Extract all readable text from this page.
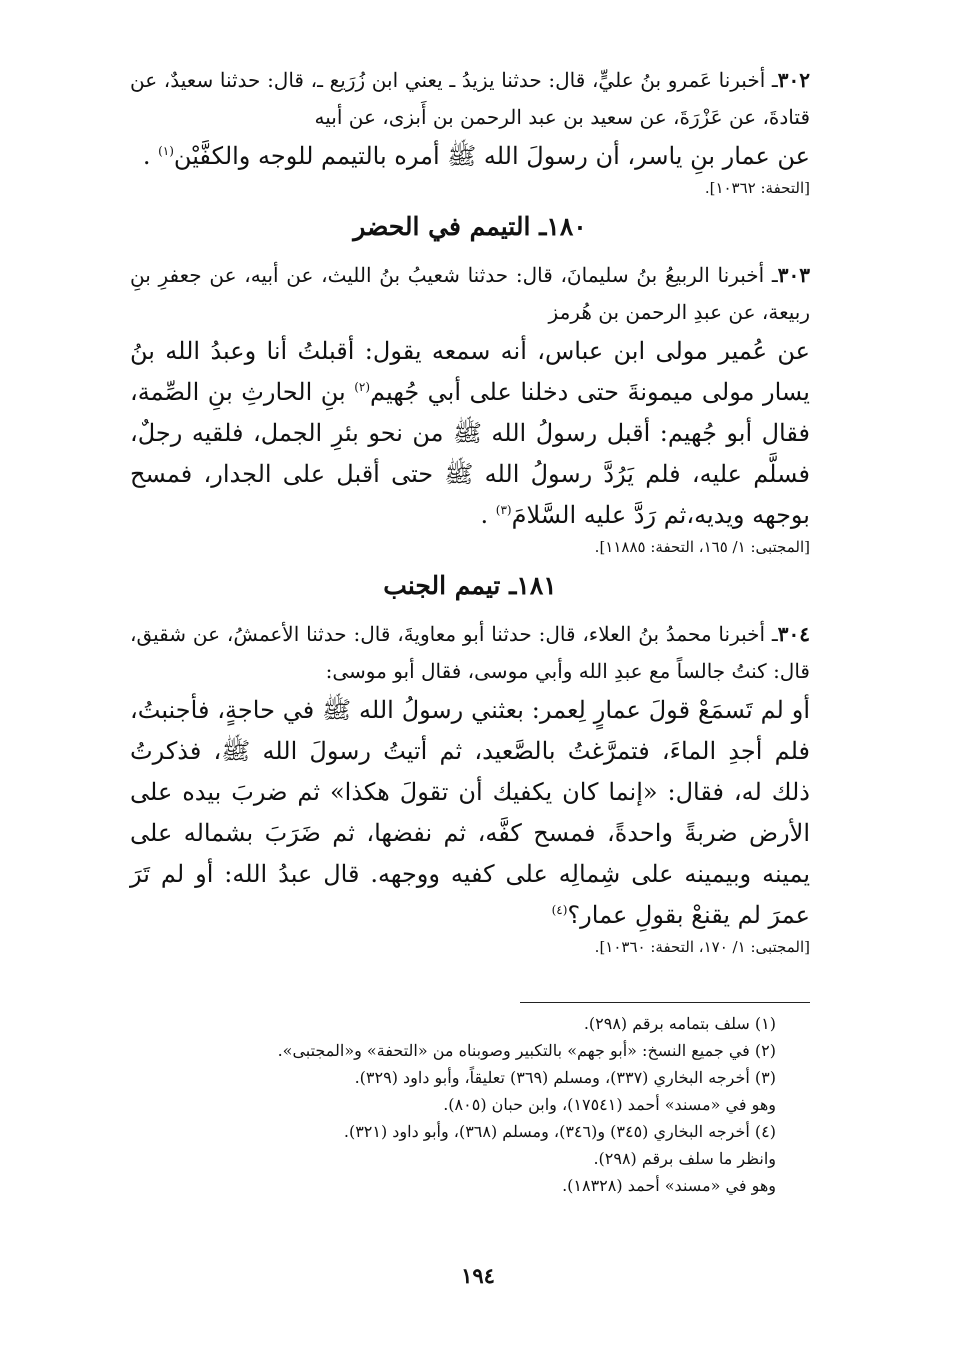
٣٠٢ـ أخبرنا عَمرو بنُ عليٍّ، قال: حدثنا يزيدُ ـ يعني ابن زُرَيع ـ، قال: حدثنا سعيدٌ، عن قتادةَ، عن عَزْرَةَ، عن سعيد بن عبد الرحمن بن أَبزى، عن أبيه

عن عمار بنِ ياسر، أن رسولَ الله ﷺ أمره بالتيمم للوجه والكفَّيْن$^{(١)}$ .

[التحفة: ١٠٣٦٢].

١٨٠ـ التيمم في الحضر

٣٠٣ـ أخبرنا الربيعُ بنُ سليمانَ، قال: حدثنا شعيبُ بنُ الليث، عن أبيه، عن جعفرِ بنِ ربيعة، عن عبدِ الرحمن بن هُرمز

عن عُمير مولى ابن عباس، أنه سمعه يقول: أقبلتُ أنا وعبدُ الله بنُ يسار مولى ميمونةَ حتى دخلنا على أبي جُهيم$^{(٢)}$ بنِ الحارثِ بنِ الصِّمة، فقال أبو جُهيم: أقبل رسولُ الله ﷺ من نحو بئرِ الجمل، فلقيه رجلٌ، فسلَّم عليه، فلم يَرُدَّ رسولُ الله ﷺ حتى أقبل على الجدار، فمسح بوجهه ويديه،ثم رَدَّ عليه السَّلامَ$^{(٣)}$ .

[المجتبى: ١/ ١٦٥، التحفة: ١١٨٨٥].

١٨١ـ تيمم الجنب

٣٠٤ـ أخبرنا محمدُ بنُ العلاء، قال: حدثنا أبو معاويةَ، قال: حدثنا الأعمشُ، عن شقيق، قال: كنتُ جالساً مع عبدِ الله وأبي موسى، فقال أبو موسى:

أو لم تَسمَعْ قولَ عمارٍ لِعمر: بعثني رسولُ الله ﷺ في حاجةٍ، فأجنبتُ، فلم أجدِ الماءَ، فتمرَّغتُ بالصَّعيد، ثم أتيتُ رسولَ الله ﷺ، فذكرتُ ذلك له، فقال: «إنما كان يكفيك أن تقولَ هكذا» ثم ضربَ بيده على الأرض ضربةً واحدةً، فمسح كفَّه، ثم نفضها، ثم ضَرَبَ بشماله على يمينه وبيمينه على شِمالِه على كفيه ووجهه. قال عبدُ الله: أو لم تَرَ عمرَ لم يقنعْ بقولِ عمار؟$^{(٤)}$

[المجتبى: ١/ ١٧٠، التحفة: ١٠٣٦٠].

(١) سلف بتمامه برقم (٢٩٨).
(٢) في جميع النسخ: «أبو جهم» بالتكبير وصوبناه من «التحفة» و«المجتبى».
(٣) أخرجه البخاري (٣٣٧)، ومسلم (٣٦٩) تعليقاً، وأبو داود (٣٢٩).
وهو في «مسند» أحمد (١٧٥٤١)، وابن حبان (٨٠٥).
(٤) أخرجه البخاري (٣٤٥) و(٣٤٦)، ومسلم (٣٦٨)، وأبو داود (٣٢١).
وانظر ما سلف برقم (٢٩٨).
وهو في «مسند» أحمد (١٨٣٢٨).
١٩٤
